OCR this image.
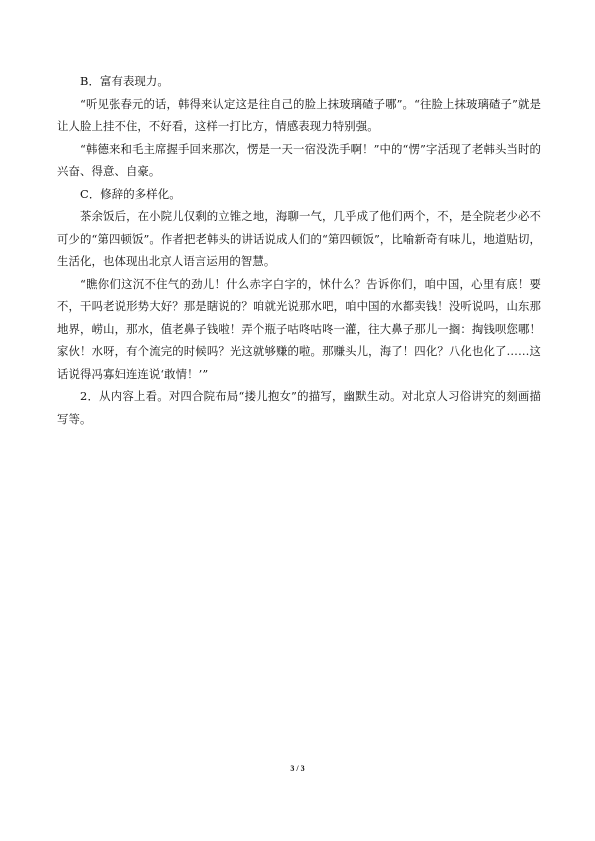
B．富有表现力。

“听见张春元的话，韩得来认定这是往自己的脸上抹玻璃碴子哪”。“往脸上抹玻璃碴子”就是让人脸上挂不住，不好看，这样一打比方，情感表现力特别强。

“韩德来和毛主席握手回来那次，愣是一天一宿没洗手啊！”中的“愣”字活现了老韩头当时的兴奋、得意、自豪。

C．修辞的多样化。

茶余饭后，在小院儿仅剩的立锥之地，海聊一气，几乎成了他们两个，不，是全院老少必不可少的“第四顿饭”。作者把老韩头的讲话说成人们的“第四顿饭”，比喻新奇有味儿，地道贴切，生活化，也体现出北京人语言运用的智慧。

“瞧你们这沉不住气的劲儿！什么赤字白字的，怵什么？告诉你们，咱中国，心里有底！要不，干吗老说形势大好？那是瞎说的？咱就光说那水吧，咱中国的水都卖钱！没听说吗，山东那地界，崂山，那水，值老鼻子钱啦！弄个瓶子咕咚咕咚一灌，往大鼻子那儿一搁：掏钱呗您哪！家伙！水呀，有个流完的时候吗？光这就够赚的啦。那赚头儿，海了！四化？八化也化了……这话说得冯寡妇连连说‘敢情！’”

2．从内容上看。对四合院布局“搂儿抱女”的描写，幽默生动。对北京人习俗讲究的刻画描写等。

3 / 3
